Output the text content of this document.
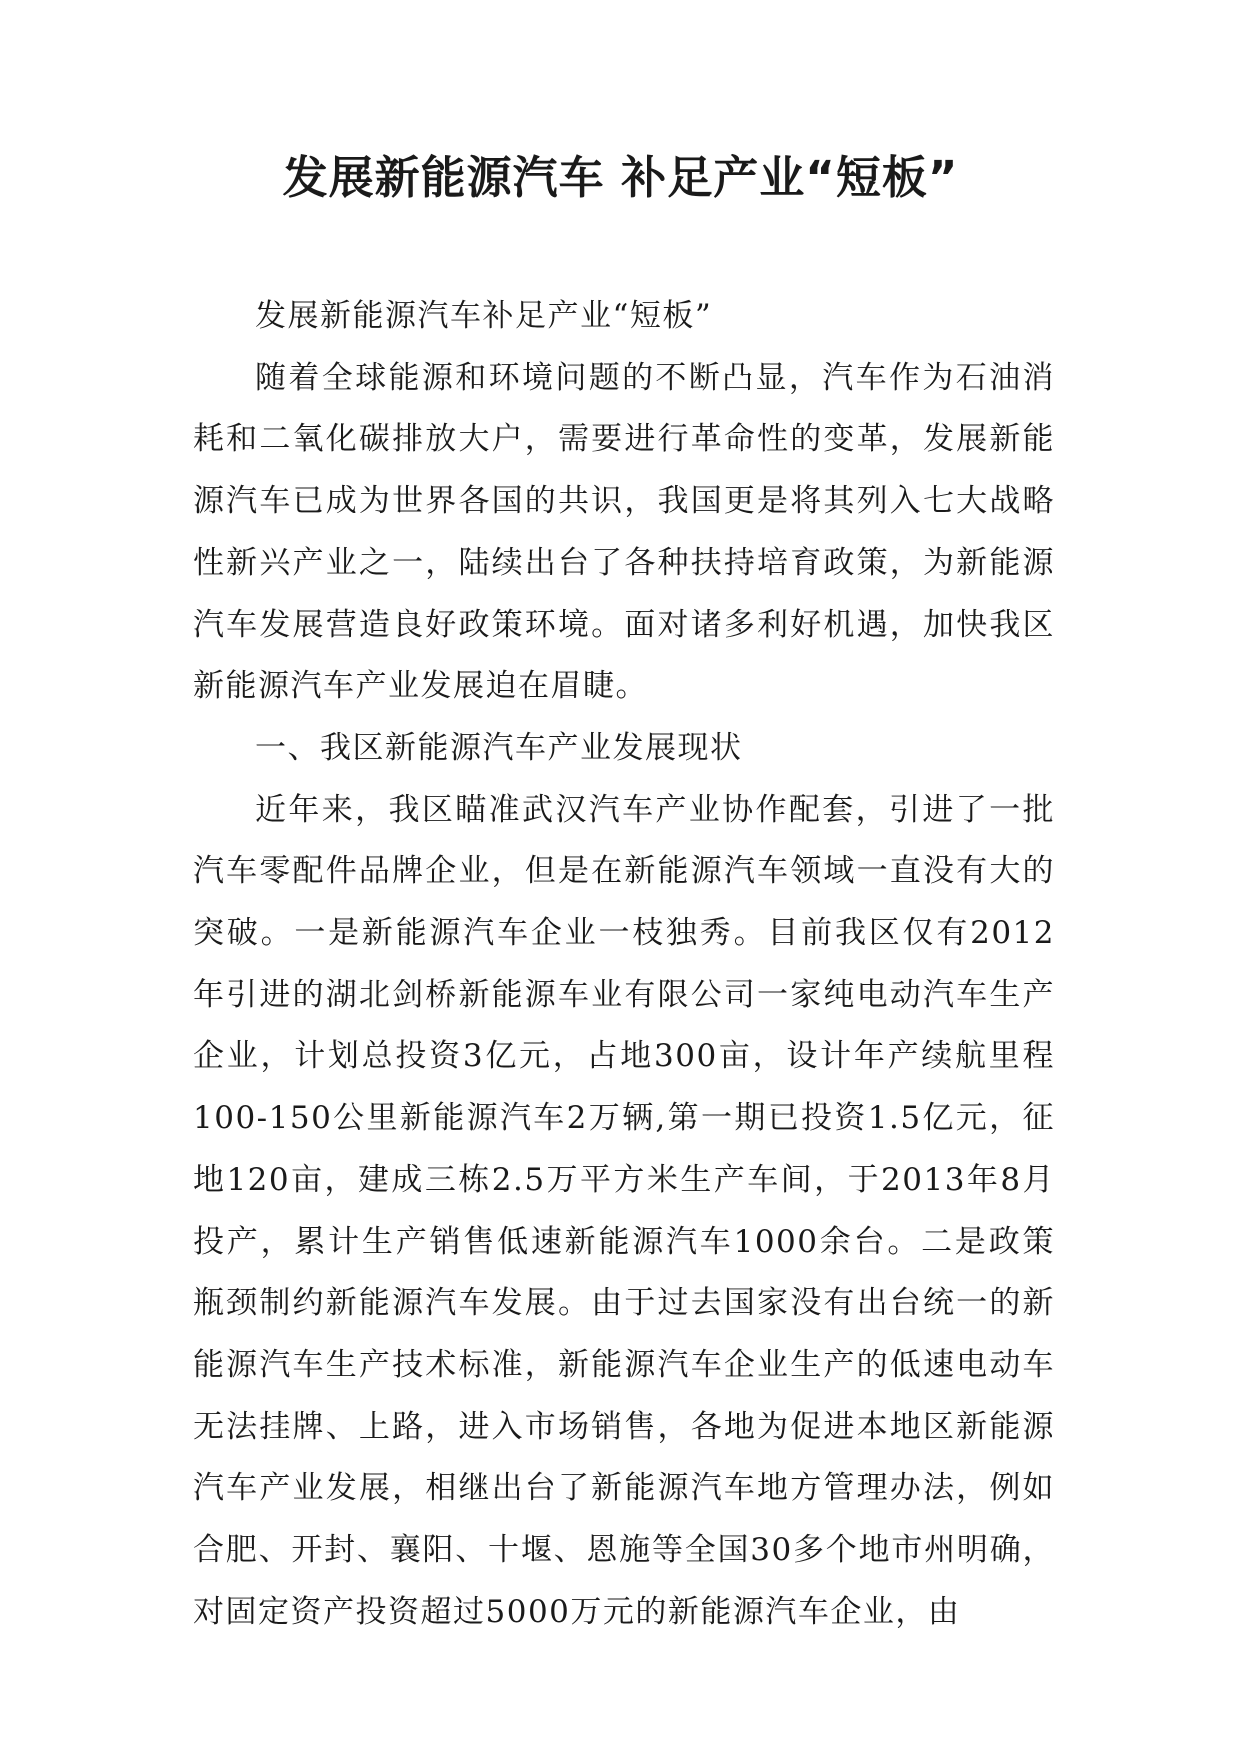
发展新能源汽车 补足产业“短板”

发展新能源汽车补足产业“短板”

随着全球能源和环境问题的不断凸显，汽车作为石油消耗和二氧化碳排放大户，需要进行革命性的变革，发展新能源汽车已成为世界各国的共识，我国更是将其列入七大战略性新兴产业之一，陆续出台了各种扶持培育政策，为新能源汽车发展营造良好政策环境。面对诸多利好机遇，加快我区新能源汽车产业发展迫在眉睫。

一、我区新能源汽车产业发展现状

近年来，我区瞄准武汉汽车产业协作配套，引进了一批汽车零配件品牌企业，但是在新能源汽车领域一直没有大的突破。一是新能源汽车企业一枝独秀。目前我区仅有2012年引进的湖北剑桥新能源车业有限公司一家纯电动汽车生产企业，计划总投资3亿元，占地300亩，设计年产续航里程100-150公里新能源汽车2万辆,第一期已投资1.5亿元，征地120亩，建成三栋2.5万平方米生产车间，于2013年8月投产，累计生产销售低速新能源汽车1000余台。二是政策瓶颈制约新能源汽车发展。由于过去国家没有出台统一的新能源汽车生产技术标准，新能源汽车企业生产的低速电动车无法挂牌、上路，进入市场销售，各地为促进本地区新能源汽车产业发展，相继出台了新能源汽车地方管理办法，例如合肥、开封、襄阳、十堰、恩施等全国30多个地市州明确，对固定资产投资超过5000万元的新能源汽车企业，由
